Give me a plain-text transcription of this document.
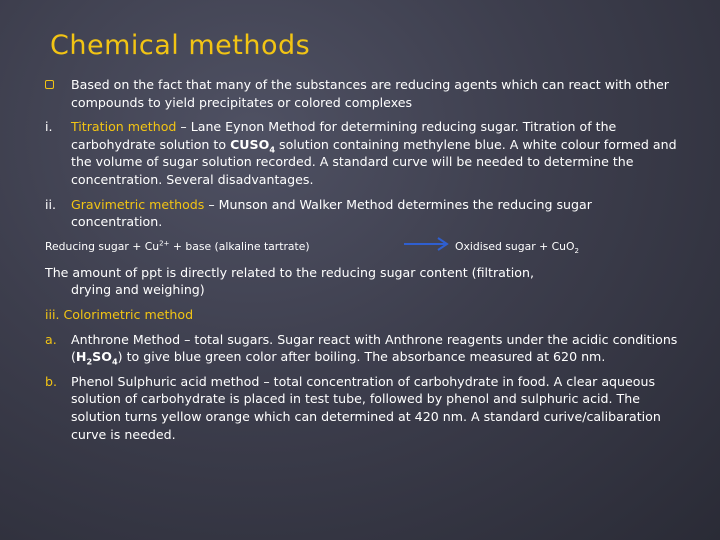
Chemical methods
Based on the fact that many of the substances are reducing agents which can react with other compounds to yield precipitates or colored complexes
i. Titration method – Lane Eynon Method for determining reducing sugar. Titration of the carbohydrate solution to $CUSO_4$ solution containing methylene blue. A white colour formed and the volume of sugar solution recorded. A standard curve will be needed to determine the concentration. Several disadvantages.
ii. Gravimetric methods – Munson and Walker Method determines the reducing sugar concentration.
Reducing sugar + $Cu^{2+}$ + base (alkaline tartrate)	Oxidised sugar + CuO$_2$
The amount of ppt is directly related to the reducing sugar content (filtration,
drying and weighing)
iii. Colorimetric method
a. Anthrone Method – total sugars. Sugar react with Anthrone reagents under the acidic conditions $(H_2SO_4)$ to give blue green color after boiling. The absorbance measured at 620 nm.
b. Phenol Sulphuric acid method – total concentration of carbohydrate in food. A clear aqueous solution of carbohydrate is placed in test tube, followed by phenol and sulphuric acid. The solution turns yellow orange which can determined at 420 nm. A standard curive/calibaration curve is needed.
